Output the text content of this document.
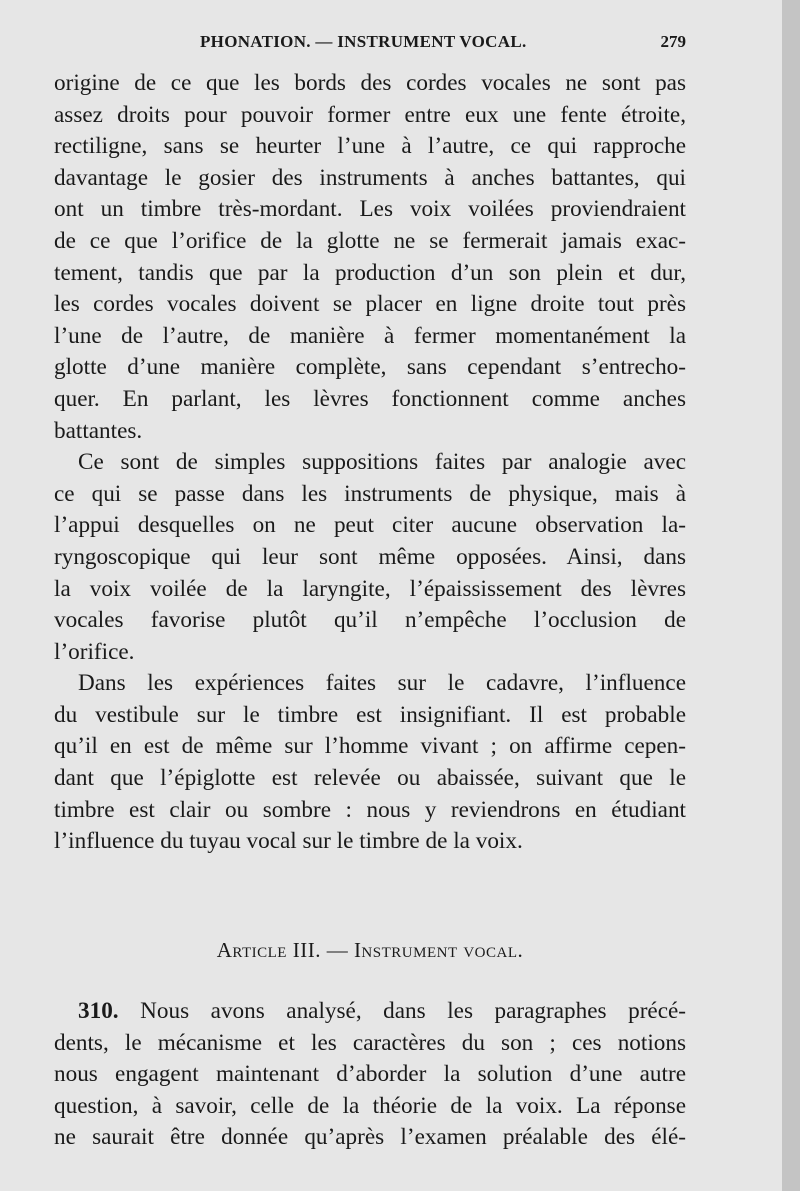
PHONATION. — INSTRUMENT VOCAL.	279

origine de ce que les bords des cordes vocales ne sont pas

assez droits pour pouvoir former entre eux une fente étroite,

rectiligne, sans se heurter l’une à l’autre, ce qui rapproche

davantage le gosier des instruments à anches battantes, qui

ont un timbre très-mordant. Les voix voilées proviendraient

de ce que l’orifice de la glotte ne se fermerait jamais exac-

tement, tandis que par la production d’un son plein et dur,

les cordes vocales doivent se placer en ligne droite tout près

l’une de l’autre, de manière à fermer momentanément la

glotte d’une manière complète, sans cependant s’entrecho-

quer. En parlant, les lèvres fonctionnent comme anches

battantes.

Ce sont de simples suppositions faites par analogie avec

ce qui se passe dans les instruments de physique, mais à

l’appui desquelles on ne peut citer aucune observation la-

ryngoscopique qui leur sont même opposées. Ainsi, dans

la voix voilée de la laryngite, l’épaississement des lèvres

vocales favorise plutôt qu’il n’empêche l’occlusion de

l’orifice.

Dans les expériences faites sur le cadavre, l’influence

du vestibule sur le timbre est insignifiant. Il est probable

qu’il en est de même sur l’homme vivant ; on affirme cepen-

dant que l’épiglotte est relevée ou abaissée, suivant que le

timbre est clair ou sombre : nous y reviendrons en étudiant

l’influence du tuyau vocal sur le timbre de la voix.

Article III. — Instrument vocal.

310. Nous avons analysé, dans les paragraphes précé-

dents, le mécanisme et les caractères du son ; ces notions

nous engagent maintenant d’aborder la solution d’une autre

question, à savoir, celle de la théorie de la voix. La réponse

ne saurait être donnée qu’après l’examen préalable des élé-
